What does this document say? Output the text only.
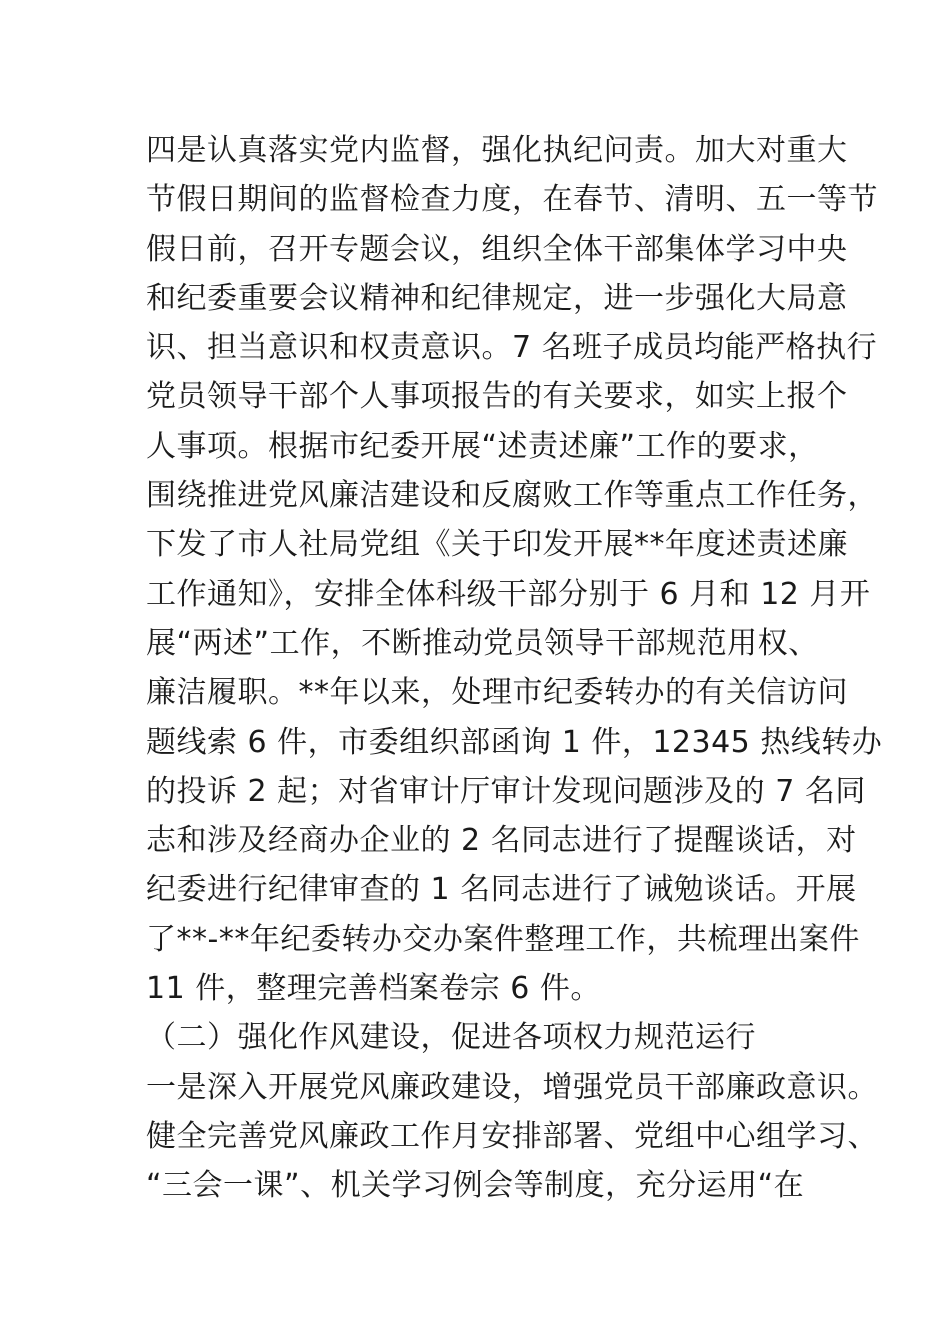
四是认真落实党内监督，强化执纪问责。加大对重大
节假日期间的监督检查力度，在春节、清明、五一等节
假日前，召开专题会议，组织全体干部集体学习中央
和纪委重要会议精神和纪律规定，进一步强化大局意
识、担当意识和权责意识。7 名班子成员均能严格执行
党员领导干部个人事项报告的有关要求，如实上报个
人事项。根据市纪委开展“述责述廉”工作的要求，
围绕推进党风廉洁建设和反腐败工作等重点工作任务，
下发了市人社局党组《关于印发开展**年度述责述廉
工作通知》，安排全体科级干部分别于 6 月和 12 月开
展“两述”工作，不断推动党员领导干部规范用权、
廉洁履职。**年以来，处理市纪委转办的有关信访问
题线索 6 件，市委组织部函询 1 件，12345 热线转办
的投诉 2 起；对省审计厅审计发现问题涉及的 7 名同
志和涉及经商办企业的 2 名同志进行了提醒谈话，对
纪委进行纪律审查的 1 名同志进行了诫勉谈话。开展
了**-**年纪委转办交办案件整理工作，共梳理出案件
11 件，整理完善档案卷宗 6 件。
（二）强化作风建设，促进各项权力规范运行
一是深入开展党风廉政建设，增强党员干部廉政意识。
健全完善党风廉政工作月安排部署、党组中心组学习、
“三会一课”、机关学习例会等制度，充分运用“在
